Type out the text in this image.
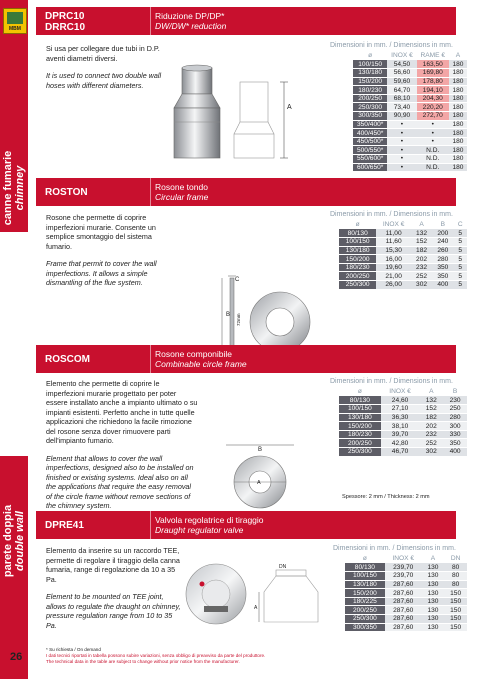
MBM
canne fumarie
chimney
parete doppia
double wall
DPRC10
DRRC10
Riduzione DP/DP*
DW/DW* reduction

Si usa per collegare due tubi in D.P. aventi diametri diversi.

It is used to connect two double wall hoses with different diameters.

A
Dimensioni in mm. / Dimensions in mm.
ø	INOX €	RAME €	A
100/150	54,50	163,50	180
130/180	56,60	169,80	180
150/200	59,60	178,80	180
180/230	64,70	194,10	180
200/250	68,10	204,30	180
250/300	73,40	220,20	180
300/350	90,90	272,70	180
350/400*	•	•	180
400/450*	•	•	180
450/500*	•	•	180
500/550*	•	N.D.	180
550/600*	•	N.D.	180
600/650*	•	N.D.	180
ROSTON	Rosone tondo
Circular frame

Rosone che permette di coprire imperfezioni murarie. Consente un semplice smontaggio del sistema fumario.

Frame that permit to cover the wall imperfections. It allows a simple dismantling of the flue system.	C
B 72mm
Dimensioni in mm. / Dimensions in mm.
ø	INOX €	A	B	C
80/130	11,00	132	200	5
100/150	11,60	152	240	5
130/180	15,30	182	260	5
150/200	16,00	202	280	5
180/230	19,60	232	350	5
200/250	21,00	252	350	5
250/300	26,00	302	400	5
ROSCOM	Rosone componibile
Combinable circle frame

Elemento che permette di coprire le imperfezioni murarie progettato per poter essere installato anche a impianto ultimato o su impianti esistenti. Perfetto anche in tutte quelle applicazioni che richiedono la facile rimozione del rosone senza dover rimuovere parti dell'impianto fumario.

Element that allows to cover the wall imperfections, designed also to be installed on finished or existing systems. Ideal also on all the applications that require the easy removal of the circle frame without remove sections of the chimney system.

B
A
Dimensioni in mm. / Dimensions in mm.
ø	INOX €	A	B
80/130	24,60	132	230
100/150	27,10	152	250
130/180	36,30	182	280
150/200	38,10	202	300
180/230	39,70	232	330
200/250	42,80	252	350
250/300	46,70	302	400
Spessore: 2 mm / Thickness: 2 mm
DPRE41	Valvola regolatrice di tiraggio
Draught regulator valve

Elemento da inserire su un raccordo TEE, permette di regolare il tiraggio della canna fumaria, range di regolazione da 10 a 35 Pa.

Element to be mounted on TEE joint, allows to regulate the draught on chimney, pressure regulation range from 10 to 35 Pa.

DN
A
Dimensioni in mm. / Dimensions in mm.
ø	INOX €	A	DN
80/130	239,70	130	80
100/150	239,70	130	80
130/180	287,60	130	80
150/200	287,60	130	150
180/225	287,60	130	150
200/250	287,60	130	150
250/300	287,60	130	150
300/350	287,60	130	150
26
* Su richiesta / On demand
I dati tecnici riportati in tabella possono subire variazioni, senza obbligo di preavviso da parte del produttore.
The technical data in the table are subject to change without prior notice from the manufacturer.
